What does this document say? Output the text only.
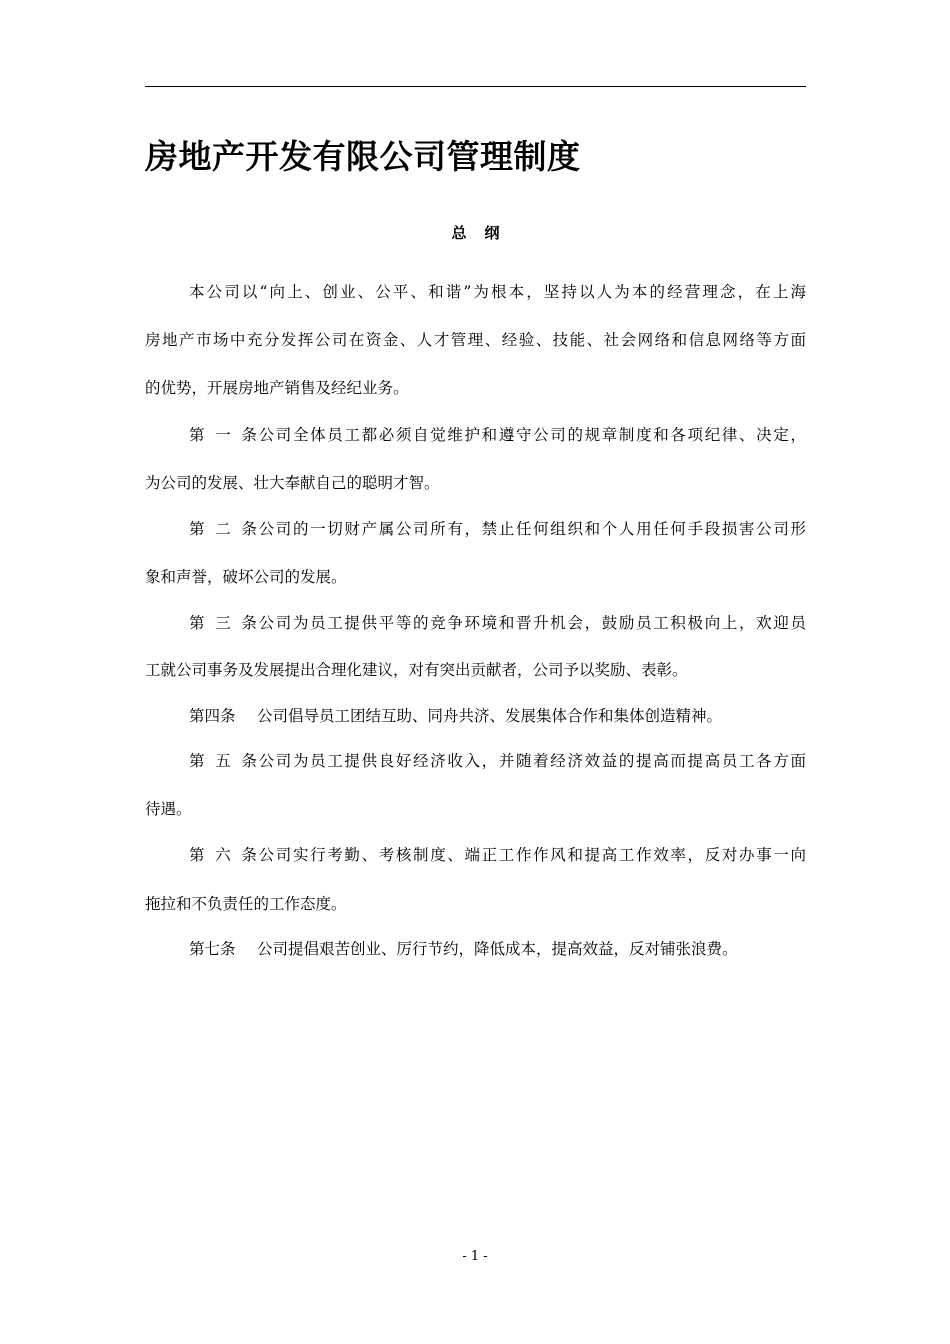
房地产开发有限公司管理制度
总纲
本公司以“向上、创业、公平、和谐”为根本，坚持以人为本的经营理念，在上海
房地产市场中充分发挥公司在资金、人才管理、经验、技能、社会网络和信息网络等方面
的优势，开展房地产销售及经纪业务。
第一条公司全体员工都必须自觉维护和遵守公司的规章制度和各项纪律、决定，
为公司的发展、壮大奉献自己的聪明才智。
第二条公司的一切财产属公司所有，禁止任何组织和个人用任何手段损害公司形
象和声誉，破坏公司的发展。
第三条公司为员工提供平等的竞争环境和晋升机会，鼓励员工积极向上，欢迎员
工就公司事务及发展提出合理化建议，对有突出贡献者，公司予以奖励、表彰。
第四条 公司倡导员工团结互助、同舟共济、发展集体合作和集体创造精神。
第五条公司为员工提供良好经济收入，并随着经济效益的提高而提高员工各方面
待遇。
第六条公司实行考勤、考核制度、端正工作作风和提高工作效率，反对办事一向
拖拉和不负责任的工作态度。
第七条 公司提倡艰苦创业、厉行节约，降低成本，提高效益，反对铺张浪费。
- 1 -
